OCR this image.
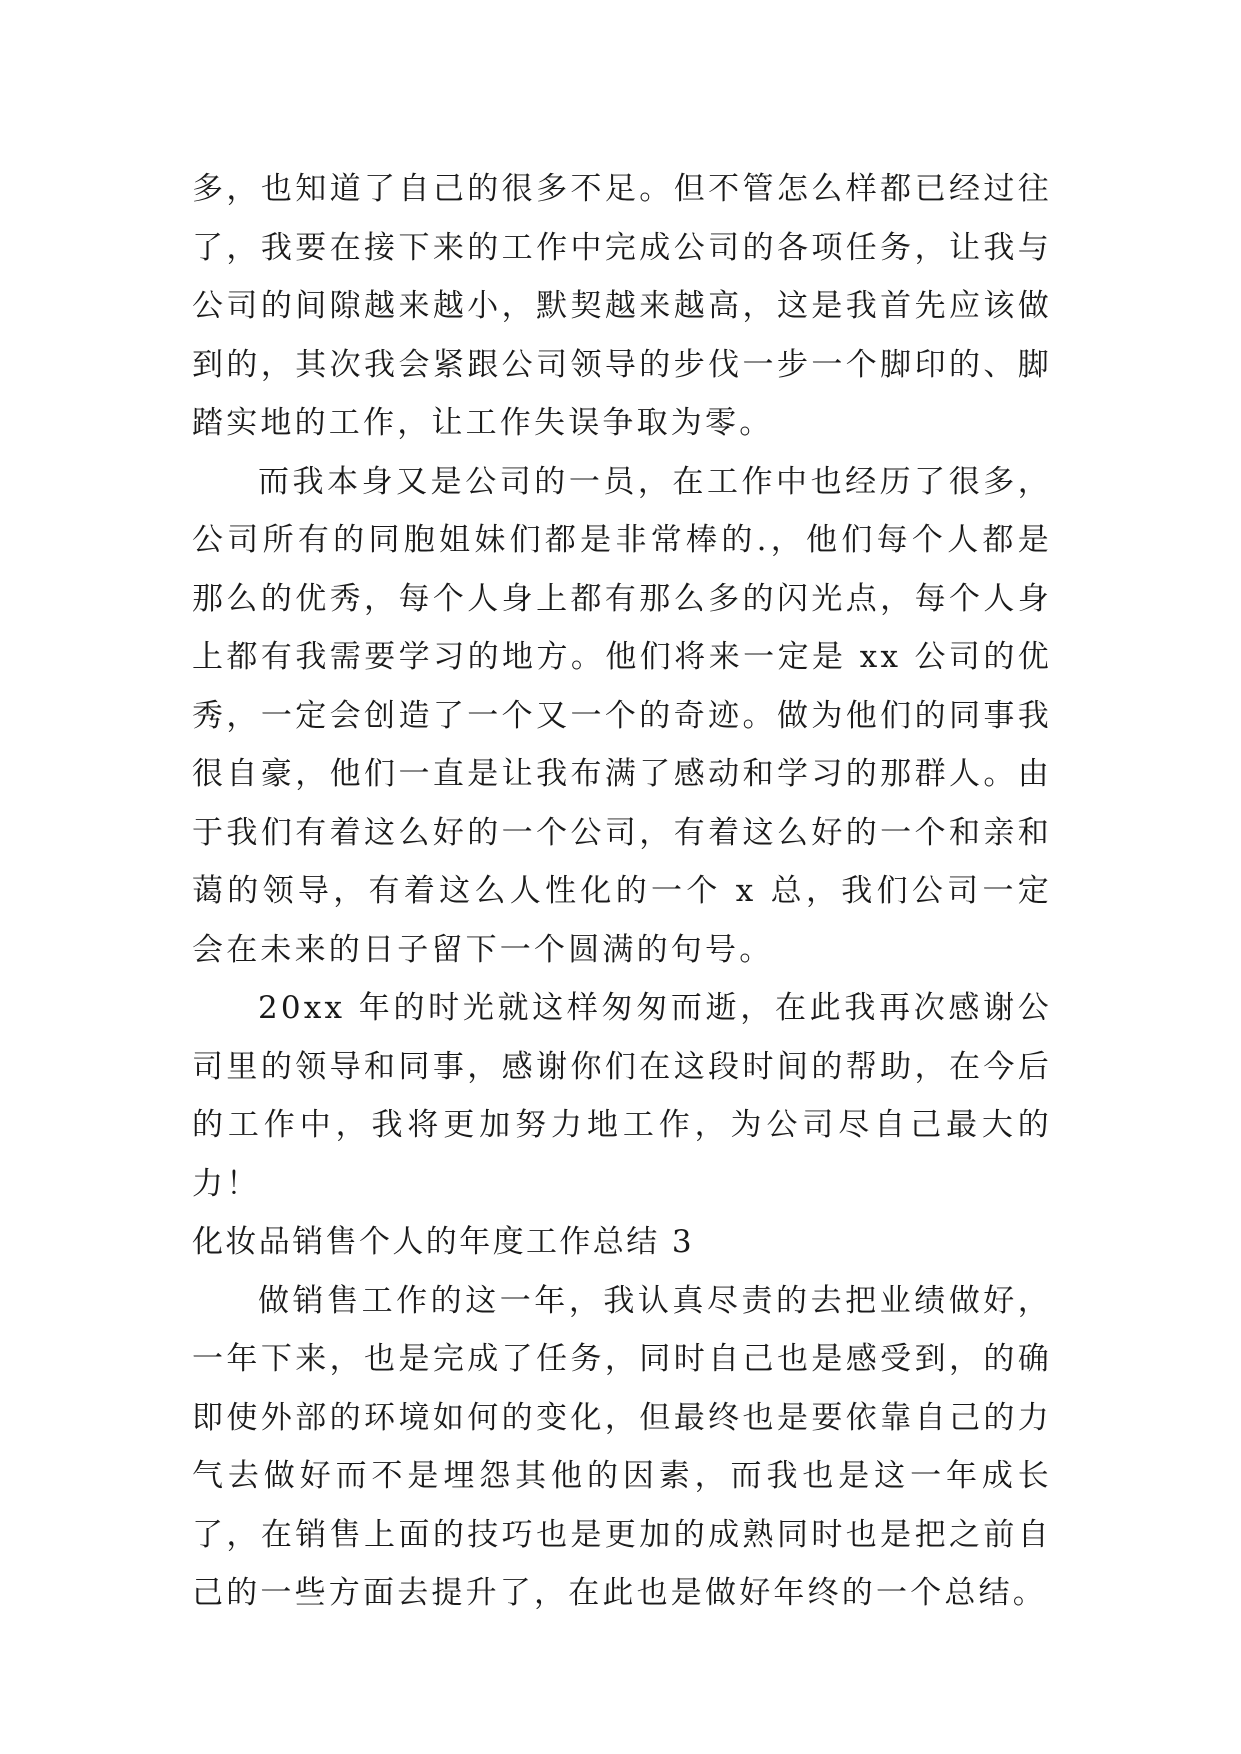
多，也知道了自己的很多不足。但不管怎么样都已经过往了，我要在接下来的工作中完成公司的各项任务，让我与公司的间隙越来越小，默契越来越高，这是我首先应该做到的，其次我会紧跟公司领导的步伐一步一个脚印的、脚踏实地的工作，让工作失误争取为零。

而我本身又是公司的一员，在工作中也经历了很多，公司所有的同胞姐妹们都是非常棒的.，他们每个人都是那么的优秀，每个人身上都有那么多的闪光点，每个人身上都有我需要学习的地方。他们将来一定是 xx 公司的优秀，一定会创造了一个又一个的奇迹。做为他们的同事我很自豪，他们一直是让我布满了感动和学习的那群人。由于我们有着这么好的一个公司，有着这么好的一个和亲和蔼的领导，有着这么人性化的一个 x 总，我们公司一定会在未来的日子留下一个圆满的句号。

20xx 年的时光就这样匆匆而逝，在此我再次感谢公司里的领导和同事，感谢你们在这段时间的帮助，在今后的工作中，我将更加努力地工作，为公司尽自己最大的力！

化妆品销售个人的年度工作总结 3

做销售工作的这一年，我认真尽责的去把业绩做好，一年下来，也是完成了任务，同时自己也是感受到，的确即使外部的环境如何的变化，但最终也是要依靠自己的力气去做好而不是埋怨其他的因素，而我也是这一年成长了，在销售上面的技巧也是更加的成熟同时也是把之前自己的一些方面去提升了，在此也是做好年终的一个总结。
